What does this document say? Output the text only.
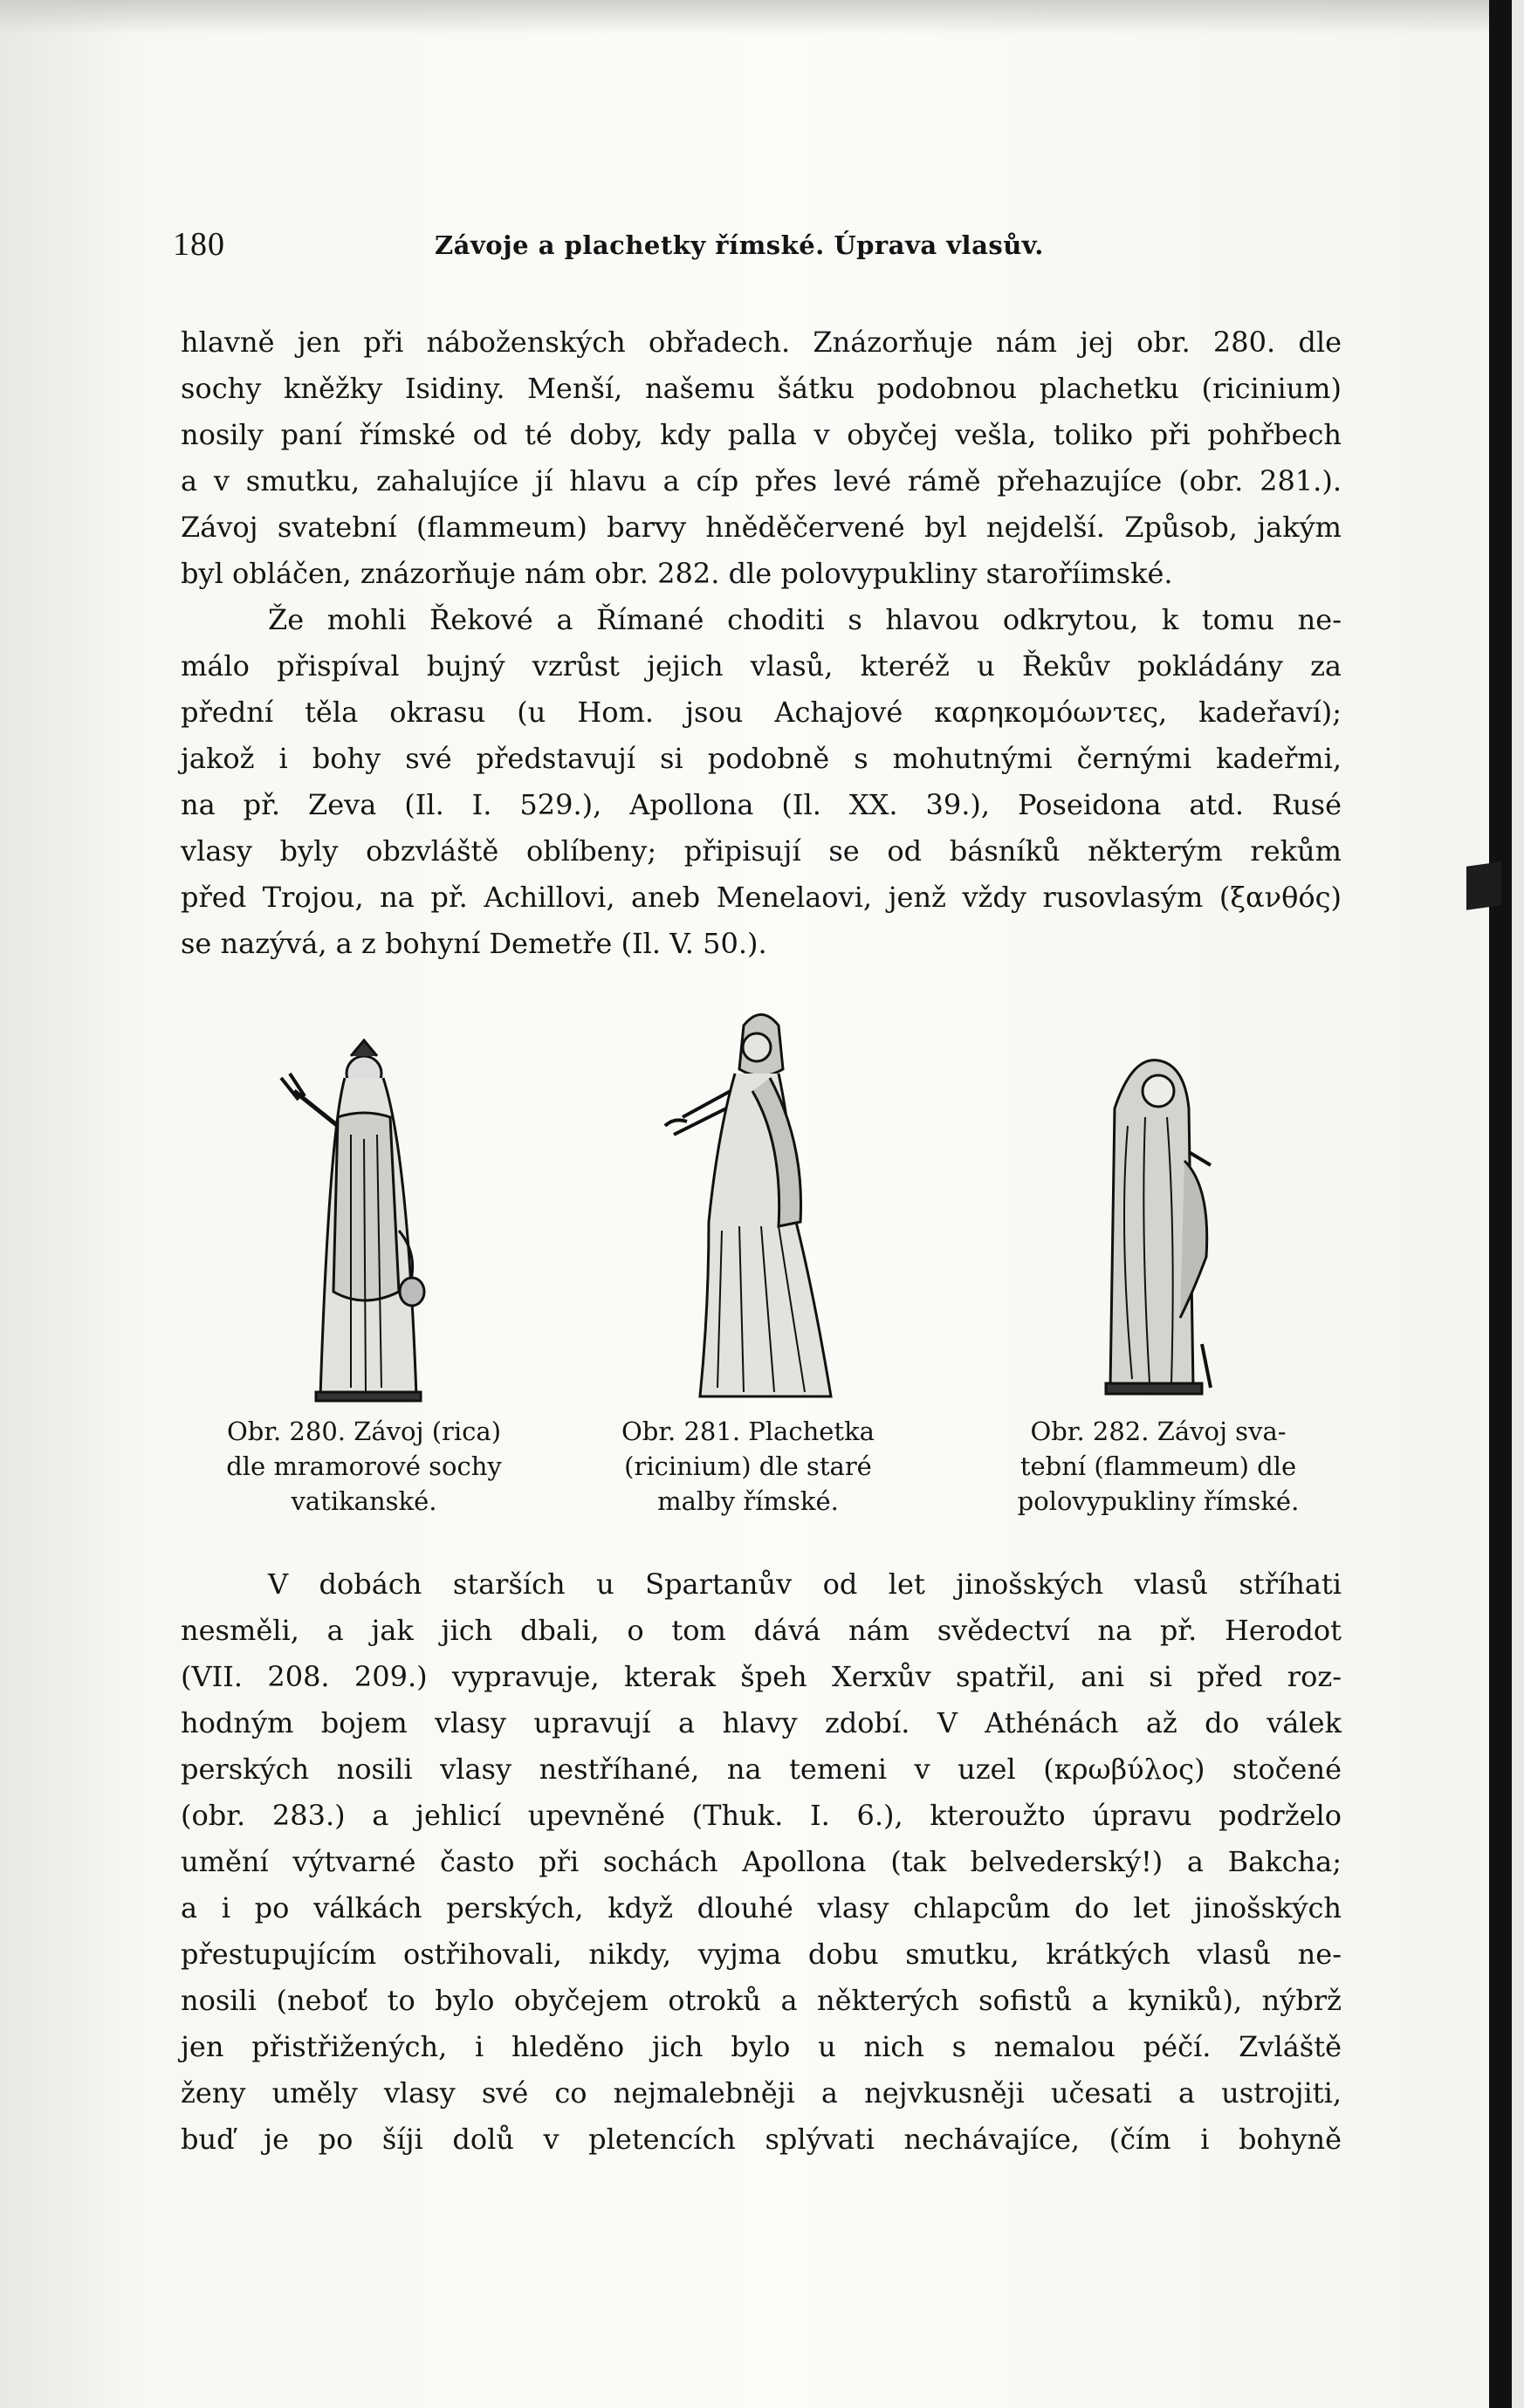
180	Závoje a plachetky římské. Úprava vlasův.
hlavně jen při náboženských obřadech. Znázorňuje nám jej obr. 280. dle
sochy kněžky Isidiny. Menší, našemu šátku podobnou plachetku (ricinium)
nosily paní římské od té doby, kdy palla v obyčej vešla, toliko při pohřbech
a v smutku, zahalujíce jí hlavu a cíp přes levé rámě přehazujíce (obr. 281.).
Závoj svatební (flammeum) barvy hněděčervené byl nejdelší. Způsob, jakým
byl obláčen, znázorňuje nám obr. 282. dle polovypukliny staroříimské.
Že mohli Řekové a Římané choditi s hlavou odkrytou, k tomu ne-
málo přispíval bujný vzrůst jejich vlasů, kteréž u Řekův pokládány za
přední těla okrasu (u Hom. jsou Achajové καρηκομόωντες, kadeřaví);
jakož i bohy své představují si podobně s mohutnými černými kadeřmi,
na př. Zeva (Il. I. 529.), Apollona (Il. XX. 39.), Poseidona atd. Rusé
vlasy byly obzvláště oblíbeny; připisují se od básníků některým rekům
před Trojou, na př. Achillovi, aneb Menelaovi, jenž vždy rusovlasým (ξανθός)
se nazývá, a z bohyní Demetře (Il. V. 50.).
Obr. 280. Závoj (rica)
dle mramorové sochy
vatikanské.
Obr. 281. Plachetka
(ricinium) dle staré
malby římské.
Obr. 282. Závoj sva-
tební (flammeum) dle
polovypukliny římské.
V dobách starších u Spartanův od let jinošských vlasů stříhati
nesměli, a jak jich dbali, o tom dává nám svědectví na př. Herodot
(VII. 208. 209.) vypravuje, kterak špeh Xerxův spatřil, ani si před roz-
hodným bojem vlasy upravují a hlavy zdobí. V Athénách až do válek
perských nosili vlasy nestříhané, na temeni v uzel (κρωβύλος) stočené
(obr. 283.) a jehlicí upevněné (Thuk. I. 6.), kteroužto úpravu podrželo
umění výtvarné často při sochách Apollona (tak belvederský!) a Bakcha;
a i po válkách perských, když dlouhé vlasy chlapcům do let jinošských
přestupujícím ostřihovali, nikdy, vyjma dobu smutku, krátkých vlasů ne-
nosili (neboť to bylo obyčejem otroků a některých sofistů a kyniků), nýbrž
jen přistřižených, i hleděno jich bylo u nich s nemalou péčí. Zvláště
ženy uměly vlasy své co nejmalebněji a nejvkusněji učesati a ustrojiti,
buď je po šíji dolů v pletencích splývati nechávajíce, (čím i bohyně
